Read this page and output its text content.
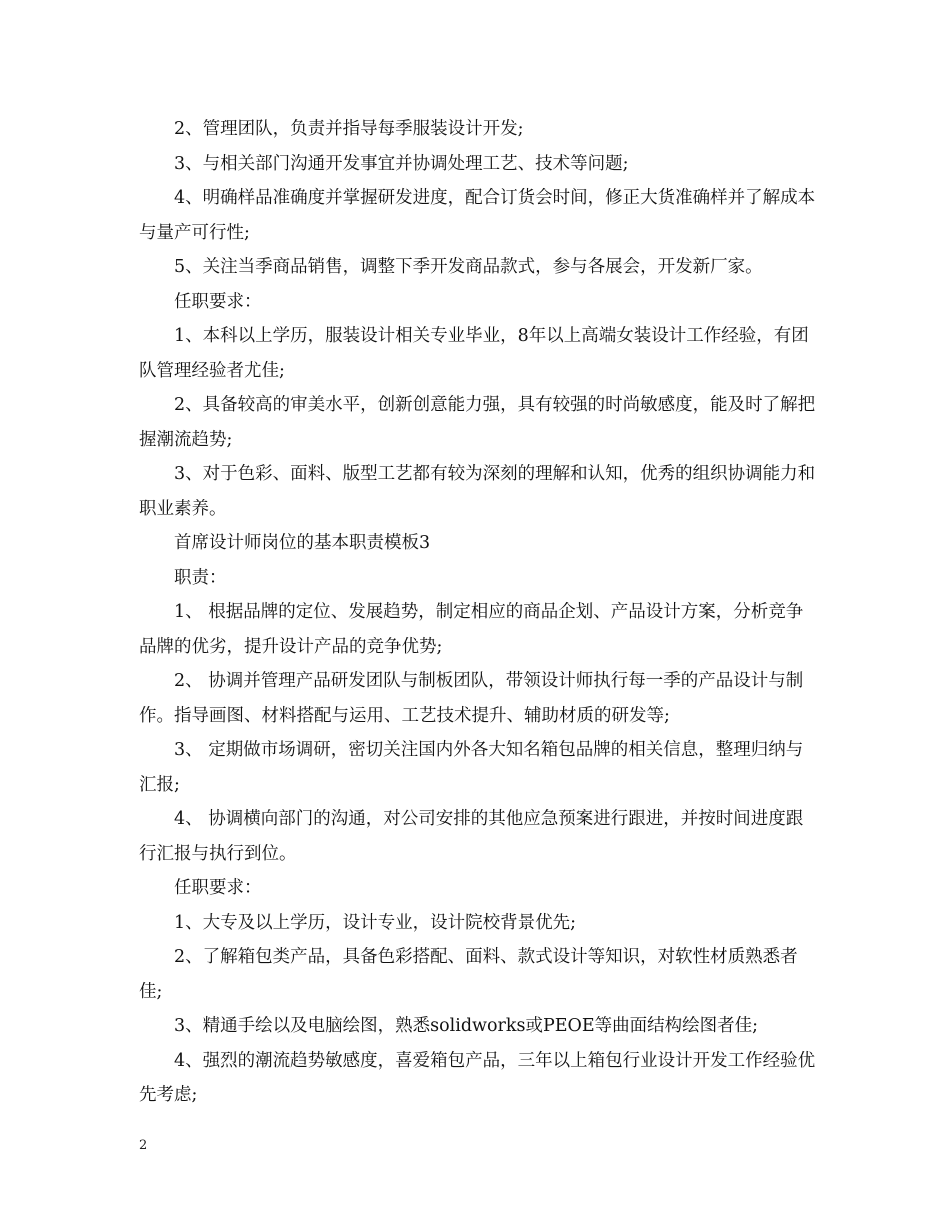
2、管理团队，负责并指导每季服装设计开发;

3、与相关部门沟通开发事宜并协调处理工艺、技术等问题;

4、明确样品准确度并掌握研发进度，配合订货会时间，修正大货准确样并了解成本与量产可行性;

5、关注当季商品销售，调整下季开发商品款式，参与各展会，开发新厂家。

任职要求：

1、本科以上学历，服装设计相关专业毕业，8年以上高端女装设计工作经验，有团队管理经验者尤佳;

2、具备较高的审美水平，创新创意能力强，具有较强的时尚敏感度，能及时了解把握潮流趋势;

3、对于色彩、面料、版型工艺都有较为深刻的理解和认知，优秀的组织协调能力和职业素养。

首席设计师岗位的基本职责模板3

职责：

1、 根据品牌的定位、发展趋势，制定相应的商品企划、产品设计方案，分析竞争品牌的优劣，提升设计产品的竞争优势;

2、 协调并管理产品研发团队与制板团队，带领设计师执行每一季的产品设计与制作。指导画图、材料搭配与运用、工艺技术提升、辅助材质的研发等;

3、 定期做市场调研，密切关注国内外各大知名箱包品牌的相关信息，整理归纳与汇报;

4、 协调横向部门的沟通，对公司安排的其他应急预案进行跟进，并按时间进度跟行汇报与执行到位。

任职要求：

1、大专及以上学历，设计专业，设计院校背景优先;

2、了解箱包类产品，具备色彩搭配、面料、款式设计等知识，对软性材质熟悉者佳;

3、精通手绘以及电脑绘图，熟悉solidworks或PEOE等曲面结构绘图者佳;

4、强烈的潮流趋势敏感度，喜爱箱包产品，三年以上箱包行业设计开发工作经验优先考虑;

2
